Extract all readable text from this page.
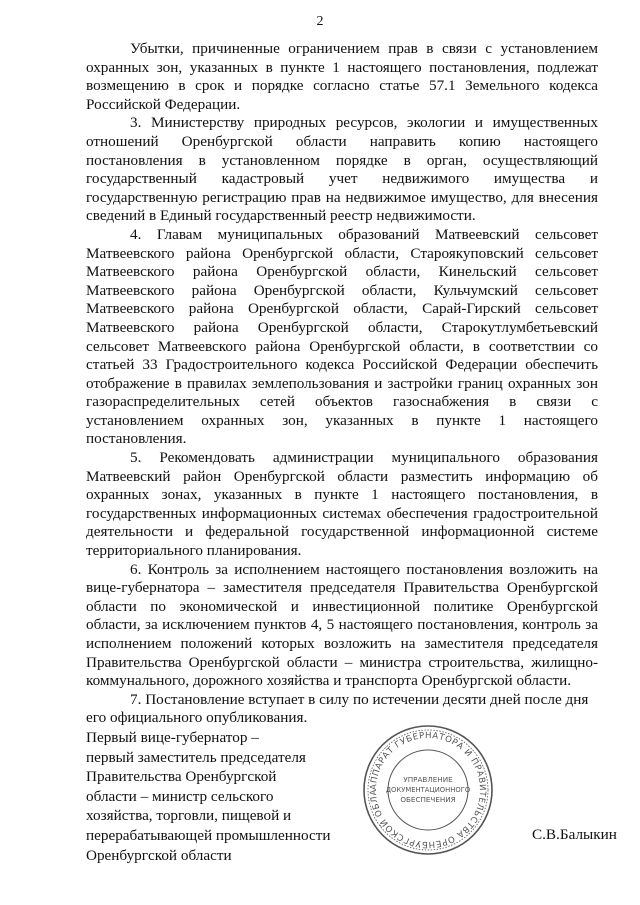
2

Убытки, причиненные ограничением прав в связи с установлением охранных зон, указанных в пункте 1 настоящего постановления, подлежат возмещению в срок и порядке согласно статье 57.1 Земельного кодекса Российской Федерации.

3. Министерству природных ресурсов, экологии и имущественных отношений Оренбургской области направить копию настоящего постановления в установленном порядке в орган, осуществляющий государственный кадастровый учет недвижимого имущества и государственную регистрацию прав на недвижимое имущество, для внесения сведений в Единый государственный реестр недвижимости.

4. Главам муниципальных образований Матвеевский сельсовет Матвеевского района Оренбургской области, Староякуповский сельсовет Матвеевского района Оренбургской области, Кинельский сельсовет Матвеевского района Оренбургской области, Кульчумский сельсовет Матвеевского района Оренбургской области, Сарай-Гирский сельсовет Матвеевского района Оренбургской области, Старокутлумбетьевский сельсовет Матвеевского района Оренбургской области, в соответствии со статьей 33 Градостроительного кодекса Российской Федерации обеспечить отображение в правилах землепользования и застройки границ охранных зон газораспределительных сетей объектов газоснабжения в связи с установлением охранных зон, указанных в пункте 1 настоящего постановления.

5. Рекомендовать администрации муниципального образования Матвеевский район Оренбургской области разместить информацию об охранных зонах, указанных в пункте 1 настоящего постановления, в государственных информационных системах обеспечения градостроительной деятельности и федеральной государственной информационной системе территориального планирования.

6. Контроль за исполнением настоящего постановления возложить на вице-губернатора – заместителя председателя Правительства Оренбургской области по экономической и инвестиционной политике Оренбургской области, за исключением пунктов 4, 5 настоящего постановления, контроль за исполнением положений которых возложить на заместителя председателя Правительства Оренбургской области – министра строительства, жилищно-коммунального, дорожного хозяйства и транспорта Оренбургской области.

7. Постановление вступает в силу по истечении десяти дней после дня его официального опубликования.

Первый вице-губернатор –
первый заместитель председателя
Правительства Оренбургской
области – министр сельского
хозяйства, торговли, пищевой и
перерабатывающей промышленности
Оренбургской области
АППАРАТ ГУБЕРНАТОРА И ПРАВИТЕЛЬСТВА ОРЕНБУРГСКОЙ ОБЛА
УПРАВЛЕНИЕ
ДОКУМЕНТАЦИОННОГО
ОБЕСПЕЧЕНИЯ
С.В.Балыкин
